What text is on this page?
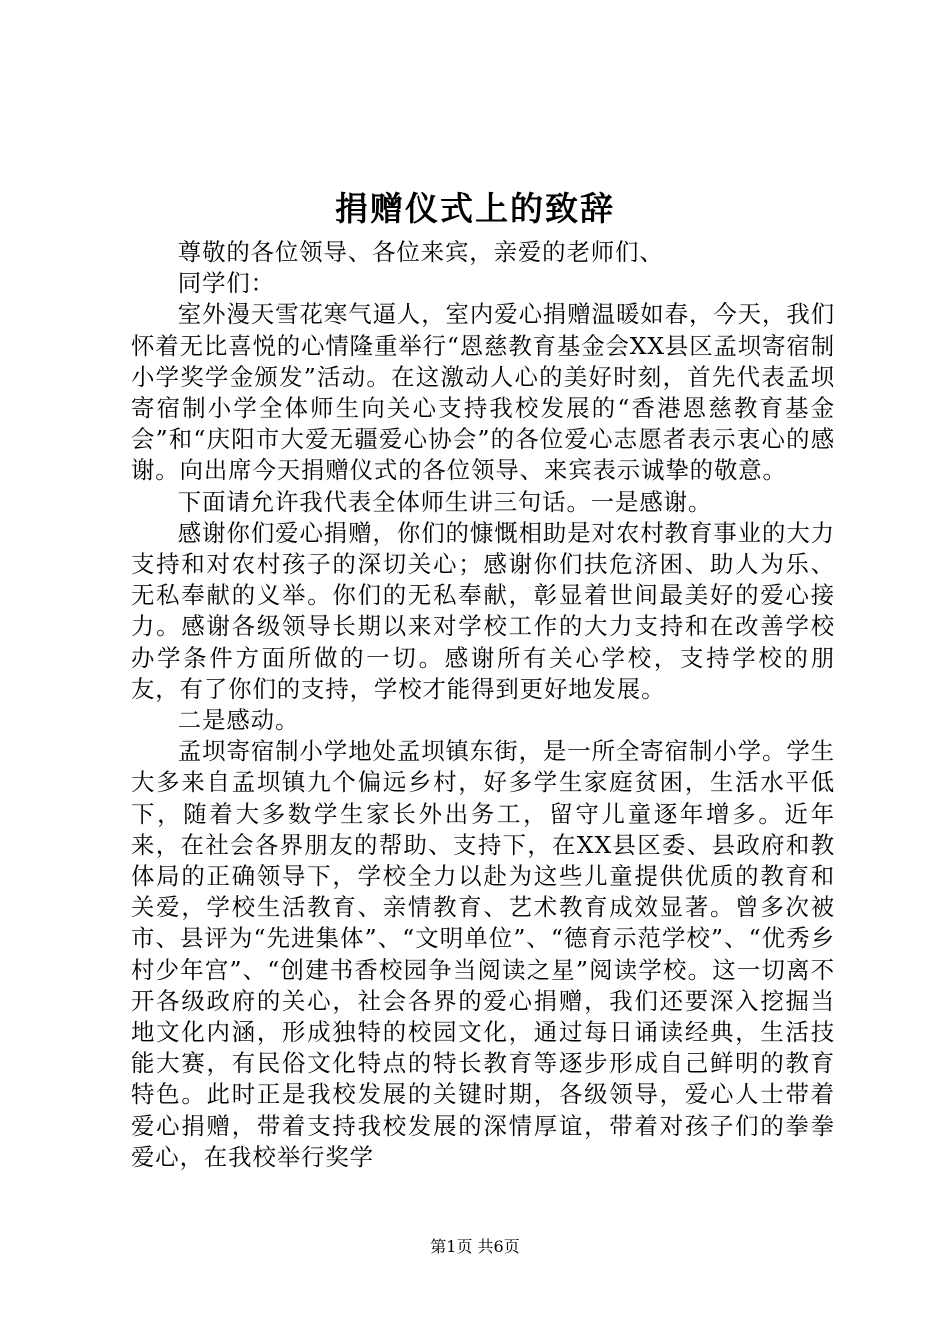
捐赠仪式上的致辞

尊敬的各位领导、各位来宾，亲爱的老师们、

同学们：

室外漫天雪花寒气逼人，室内爱心捐赠温暖如春，今天，我们怀着无比喜悦的心情隆重举行“恩慈教育基金会XX县区孟坝寄宿制小学奖学金颁发”活动。在这激动人心的美好时刻，首先代表孟坝寄宿制小学全体师生向关心支持我校发展的“香港恩慈教育基金会”和“庆阳市大爱无疆爱心协会”的各位爱心志愿者表示衷心的感谢。向出席今天捐赠仪式的各位领导、来宾表示诚挚的敬意。

下面请允许我代表全体师生讲三句话。一是感谢。

感谢你们爱心捐赠，你们的慷慨相助是对农村教育事业的大力支持和对农村孩子的深切关心；感谢你们扶危济困、助人为乐、无私奉献的义举。你们的无私奉献，彰显着世间最美好的爱心接力。感谢各级领导长期以来对学校工作的大力支持和在改善学校办学条件方面所做的一切。感谢所有关心学校，支持学校的朋友，有了你们的支持，学校才能得到更好地发展。

二是感动。

孟坝寄宿制小学地处孟坝镇东街，是一所全寄宿制小学。学生大多来自孟坝镇九个偏远乡村，好多学生家庭贫困，生活水平低下，随着大多数学生家长外出务工，留守儿童逐年增多。近年来，在社会各界朋友的帮助、支持下，在XX县区委、县政府和教体局的正确领导下，学校全力以赴为这些儿童提供优质的教育和关爱，学校生活教育、亲情教育、艺术教育成效显著。曾多次被市、县评为“先进集体”、“文明单位”、“德育示范学校”、“优秀乡村少年宫”、“创建书香校园争当阅读之星”阅读学校。这一切离不开各级政府的关心，社会各界的爱心捐赠，我们还要深入挖掘当地文化内涵，形成独特的校园文化，通过每日诵读经典，生活技能大赛，有民俗文化特点的特长教育等逐步形成自己鲜明的教育特色。此时正是我校发展的关键时期，各级领导，爱心人士带着爱心捐赠，带着支持我校发展的深情厚谊，带着对孩子们的拳拳爱心，在我校举行奖学

第1页 共6页
